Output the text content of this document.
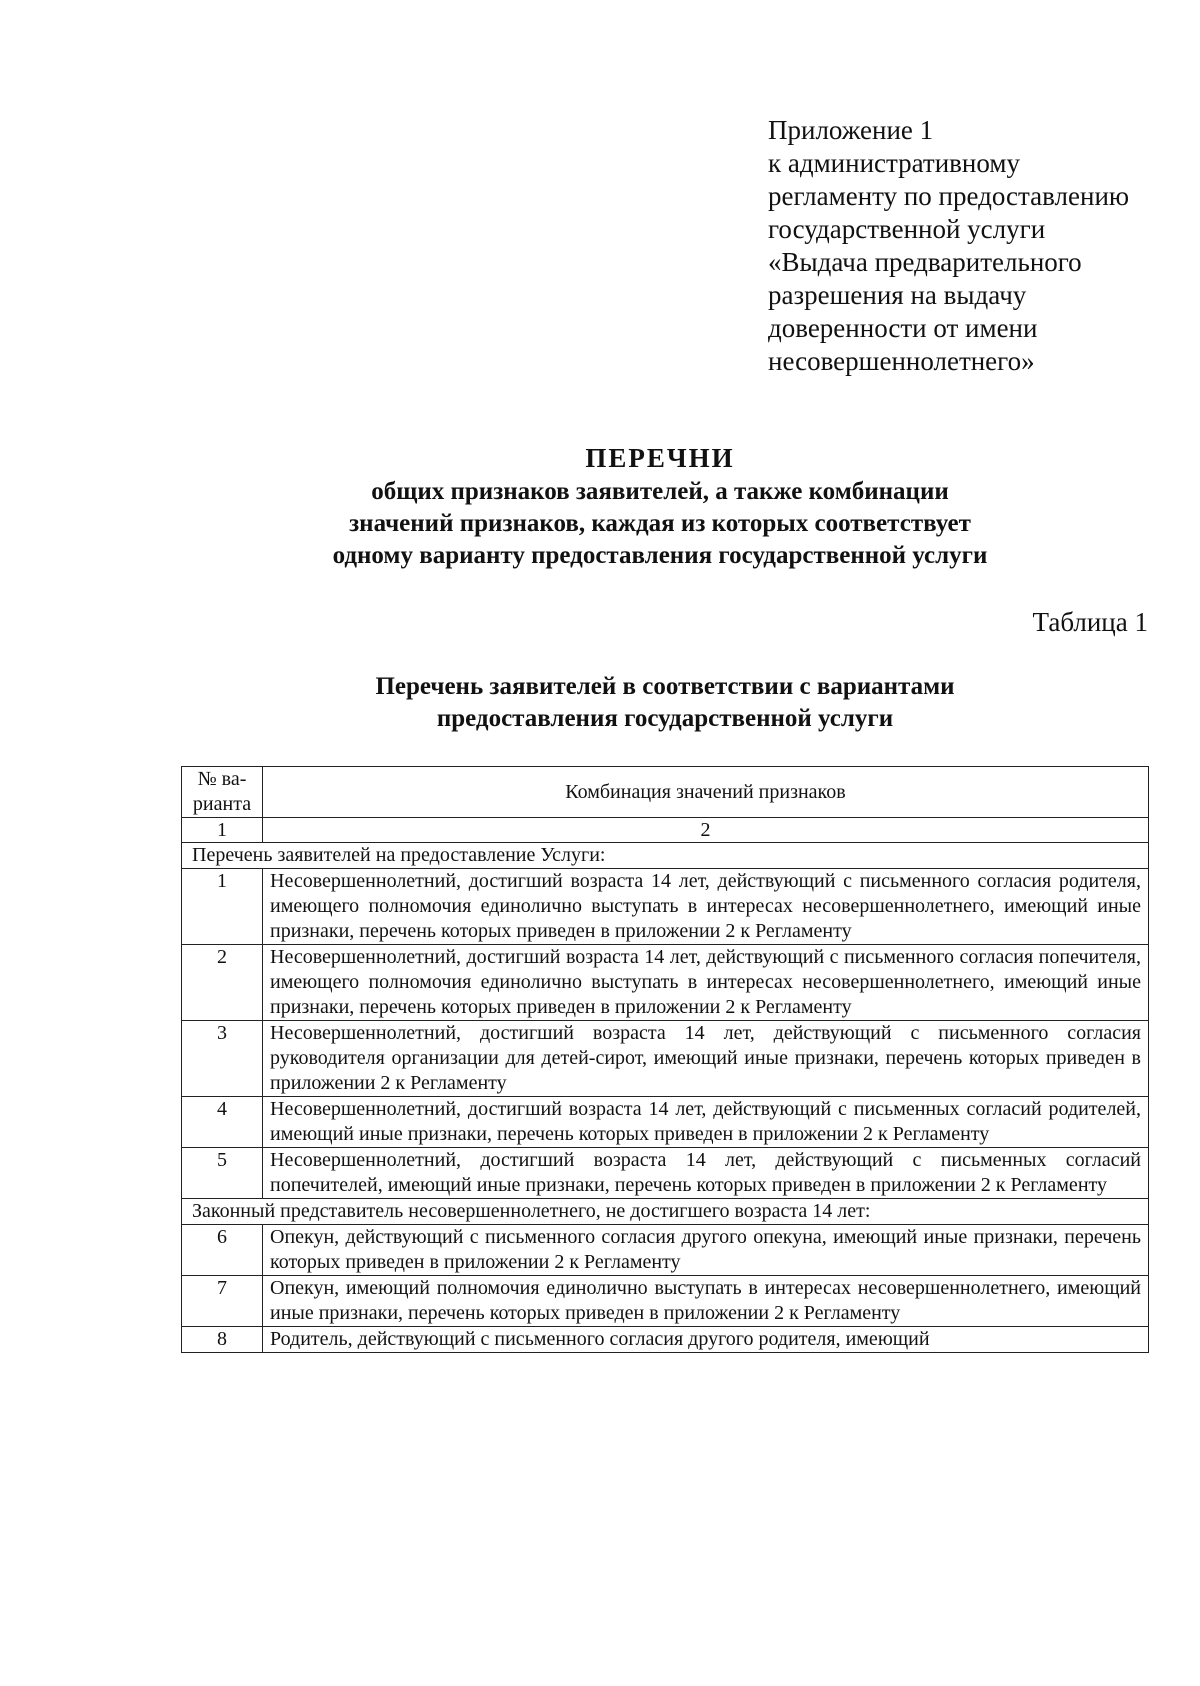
Приложение 1
к административному
регламенту по предоставлению
государственной услуги
«Выдача предварительного
разрешения на выдачу
доверенности от имени
несовершеннолетнего»
ПЕРЕЧНИ
общих признаков заявителей, а также комбинации
значений признаков, каждая из которых соответствует
одному варианту предоставления государственной услуги
Таблица 1
Перечень заявителей в соответствии с вариантами
предоставления государственной услуги
№ ва-
рианта	Комбинация значений признаков
1	2
Перечень заявителей на предоставление Услуги:	
1	Несовершеннолетний, достигший возраста 14 лет, действующий с письменного согласия родителя, имеющего полномочия единолично выступать в интересах несовершеннолетнего, имеющий иные признаки, перечень которых приведен в приложении 2 к Регламенту
2	Несовершеннолетний, достигший возраста 14 лет, действующий с письменного согласия попечителя, имеющего полномочия единолично выступать в интересах несовершеннолетнего, имеющий иные признаки, перечень которых приведен в приложении 2 к Регламенту
3	Несовершеннолетний, достигший возраста 14 лет, действующий с письменного согласия руководителя организации для детей-сирот, имеющий иные признаки, перечень которых приведен в приложении 2 к Регламенту
4	Несовершеннолетний, достигший возраста 14 лет, действующий с письменных согласий родителей, имеющий иные признаки, перечень которых приведен в приложении 2 к Регламенту
5	Несовершеннолетний, достигший возраста 14 лет, действующий с письменных согласий попечителей, имеющий иные признаки, перечень которых приведен в приложении 2 к Регламенту
Законный представитель несовершеннолетнего, не достигшего возраста 14 лет:	
6	Опекун, действующий с письменного согласия другого опекуна, имеющий иные признаки, перечень которых приведен в приложении 2 к Регламенту
7	Опекун, имеющий полномочия единолично выступать в интересах несовершеннолетнего, имеющий иные признаки, перечень которых приведен в приложении 2 к Регламенту
8	Родитель, действующий с письменного согласия другого родителя, имеющий
